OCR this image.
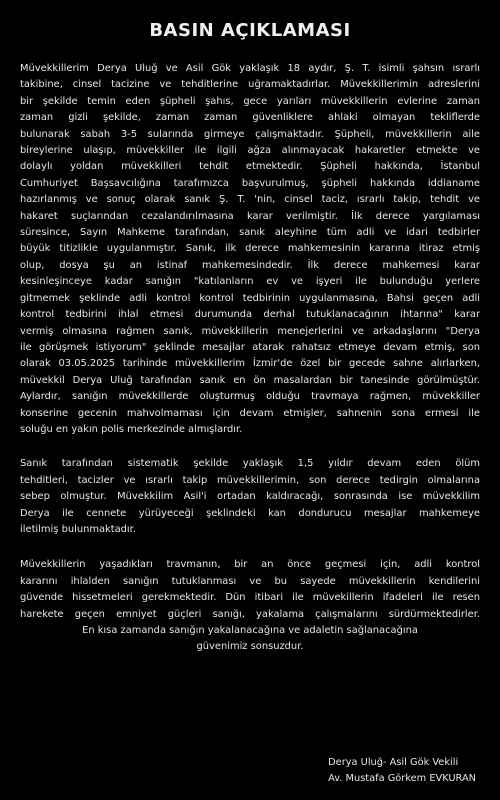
BASIN AÇIKLAMASI
Müvekkillerim Derya Uluğ ve Asil Gök yaklaşık 18 aydır, Ş. T. isimli şahsın ısrarlı
takibine, cinsel tacizine ve tehditlerine uğramaktadırlar. Müvekkillerimin adreslerini
bir şekilde temin eden şüpheli şahıs, gece yarıları müvekkillerin evlerine zaman
zaman gizli şekilde, zaman zaman güvenliklere ahlaki olmayan tekliflerde
bulunarak sabah 3-5 sularında girmeye çalışmaktadır. Şüpheli, müvekkillerin aile
bireylerine ulaşıp, müvekkiller ile ilgili ağza alınmayacak hakaretler etmekte ve
dolaylı yoldan müvekkilleri tehdit etmektedir. Şüpheli hakkında, İstanbul
Cumhuriyet Başsavcılığına tarafımızca başvurulmuş, şüpheli hakkında iddianame
hazırlanmış ve sonuç olarak sanık Ş. T. 'nin, cinsel taciz, ısrarlı takip, tehdit ve
hakaret suçlarından cezalandırılmasına karar verilmiştir. İlk derece yargılaması
süresince, Sayın Mahkeme tarafından, sanık aleyhine tüm adli ve idari tedbirler
büyük titizlikle uygulanmıştır. Sanık, ilk derece mahkemesinin kararına itiraz etmiş
olup, dosya şu an istinaf mahkemesindedir. İlk derece mahkemesi karar
kesinleşinceye kadar sanığın "katılanların ev ve işyeri ile bulunduğu yerlere
gitmemek şeklinde adli kontrol kontrol tedbirinin uygulanmasına, Bahsi geçen adli
kontrol tedbirini ihlal etmesi durumunda derhal tutuklanacağının ihtarına" karar
vermiş olmasına rağmen sanık, müvekkillerin menejerlerini ve arkadaşlarını "Derya
ile görüşmek istiyorum" şeklinde mesajlar atarak rahatsız etmeye devam etmiş, son
olarak 03.05.2025 tarihinde müvekkillerim İzmir'de özel bir gecede sahne alırlarken,
müvekkil Derya Uluğ tarafından sanık en ön masalardan bir tanesinde görülmüştür.
Aylardır, sanığın müvekkillerde oluşturmuş olduğu travmaya rağmen, müvekkiller
konserine gecenin mahvolmaması için devam etmişler, sahnenin sona ermesi ile
soluğu en yakın polis merkezinde almışlardır.
Sanık tarafından sistematik şekilde yaklaşık 1,5 yıldır devam eden ölüm
tehditleri, tacizler ve ısrarlı takip müvekkillerimin, son derece tedirgin olmalarına
sebep olmuştur. Müvekkilim Asil'i ortadan kaldıracağı, sonrasında ise müvekkilim
Derya ile cennete yürüyeceği şeklindeki kan dondurucu mesajlar mahkemeye
iletilmiş bulunmaktadır.
Müvekkillerin yaşadıkları travmanın, bir an önce geçmesi için, adli kontrol
kararını ihlalden sanığın tutuklanması ve bu sayede müvekkillerin kendilerini
güvende hissetmeleri gerekmektedir. Dün itibari ile müvekillerin ifadeleri ile resen
harekete geçen emniyet güçleri sanığı, yakalama çalışmalarını sürdürmektedirler.
En kısa zamanda sanığın yakalanacağına ve adaletin sağlanacağına
güvenimiz sonsuzdur.
Derya Uluğ- Asil Gök Vekili
Av. Mustafa Görkem EVKURAN
